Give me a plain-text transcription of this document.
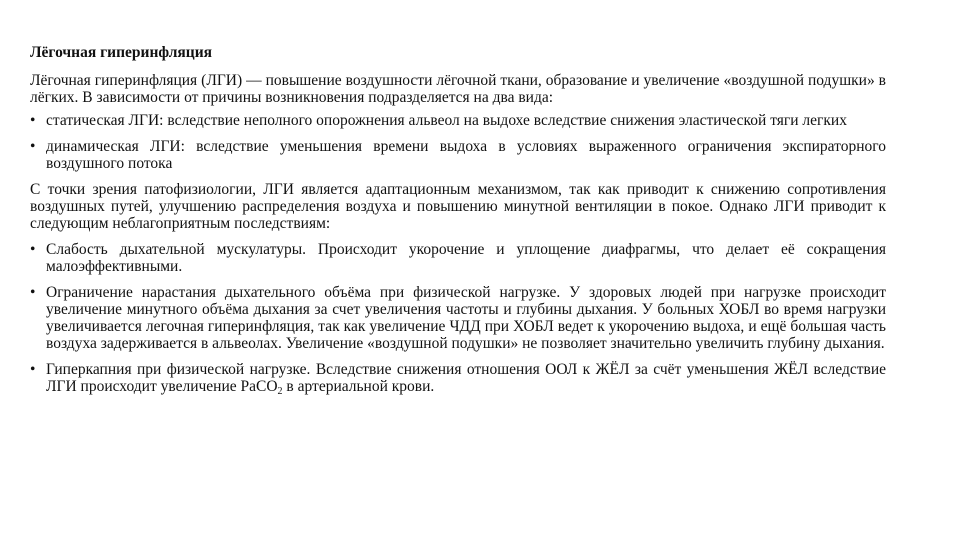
Лёгочная гиперинфляция
Лёгочная гиперинфляция (ЛГИ) — повышение воздушности лёгочной ткани, образование и увеличение «воздушной подушки» в лёгких. В зависимости от причины возникновения подразделяется на два вида:
• статическая ЛГИ: вследствие неполного опорожнения альвеол на выдохе вследствие снижения эластической тяги легких
• динамическая ЛГИ: вследствие уменьшения времени выдоха в условиях выраженного ограничения экспираторного воздушного потока
С точки зрения патофизиологии, ЛГИ является адаптационным механизмом, так как приводит к снижению сопротивления воздушных путей, улучшению распределения воздуха и повышению минутной вентиляции в покое. Однако ЛГИ приводит к следующим неблагоприятным последствиям:
• Слабость дыхательной мускулатуры. Происходит укорочение и уплощение диафрагмы, что делает её сокращения малоэффективными.
• Ограничение нарастания дыхательного объёма при физической нагрузке. У здоровых людей при нагрузке происходит увеличение минутного объёма дыхания за счет увеличения частоты и глубины дыхания. У больных ХОБЛ во время нагрузки увеличивается легочная гиперинфляция, так как увеличение ЧДД при ХОБЛ ведет к укорочению выдоха, и ещё большая часть воздуха задерживается в альвеолах. Увеличение «воздушной подушки» не позволяет значительно увеличить глубину дыхания.
• Гиперкапния при физической нагрузке. Вследствие снижения отношения ООЛ к ЖЁЛ за счёт уменьшения ЖЁЛ вследствие ЛГИ происходит увеличение PaCO$_2$ в артериальной крови.
